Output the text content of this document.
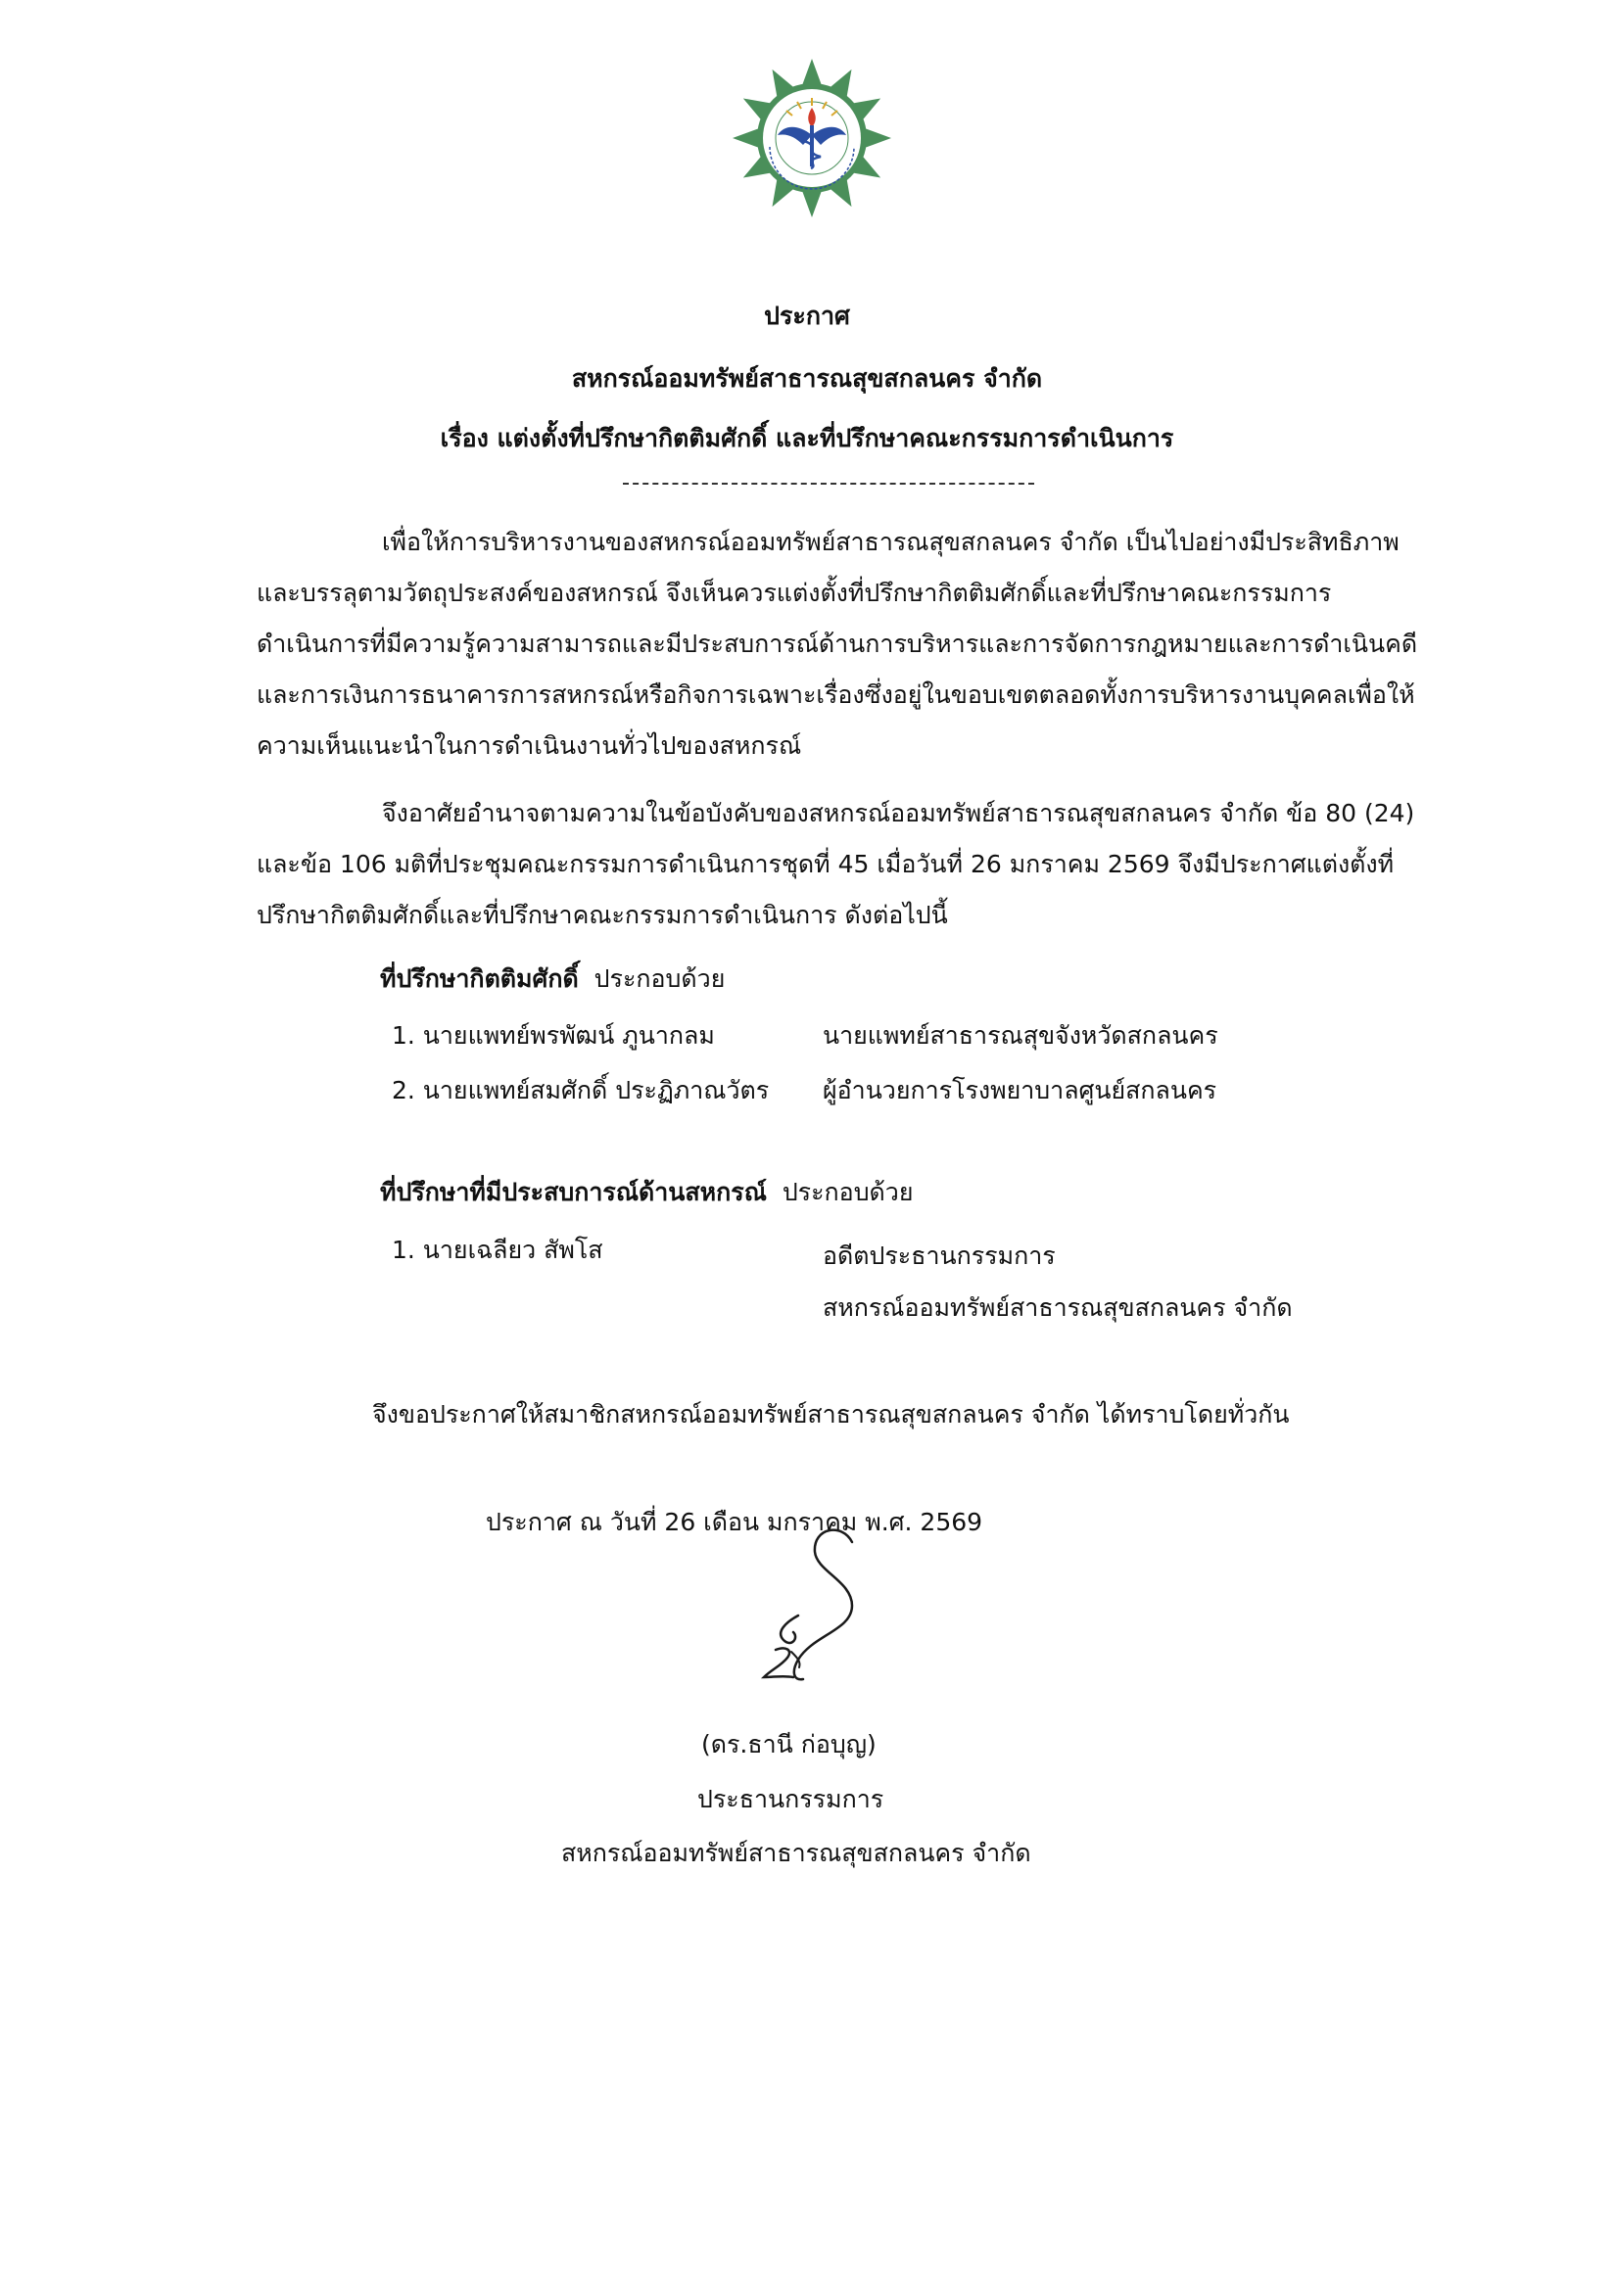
ประกาศ
สหกรณ์ออมทรัพย์สาธารณสุขสกลนคร จำกัด
เรื่อง แต่งตั้งที่ปรึกษากิตติมศักดิ์ และที่ปรึกษาคณะกรรมการดำเนินการ
เพื่อให้การบริหารงานของสหกรณ์ออมทรัพย์สาธารณสุขสกลนคร จำกัด เป็นไปอย่างมีประสิทธิภาพ
และบรรลุตามวัตถุประสงค์ของสหกรณ์ จึงเห็นควรแต่งตั้งที่ปรึกษากิตติมศักดิ์และที่ปรึกษาคณะกรรมการ
ดำเนินการที่มีความรู้ความสามารถและมีประสบการณ์ด้านการบริหารและการจัดการกฎหมายและการดำเนินคดี
และการเงินการธนาคารการสหกรณ์หรือกิจการเฉพาะเรื่องซึ่งอยู่ในขอบเขตตลอดทั้งการบริหารงานบุคคลเพื่อให้
ความเห็นแนะนำในการดำเนินงานทั่วไปของสหกรณ์
จึงอาศัยอำนาจตามความในข้อบังคับของสหกรณ์ออมทรัพย์สาธารณสุขสกลนคร จำกัด ข้อ 80 (24)
และข้อ 106 มติที่ประชุมคณะกรรมการดำเนินการชุดที่ 45 เมื่อวันที่ 26 มกราคม 2569 จึงมีประกาศแต่งตั้งที่
ปรึกษากิตติมศักดิ์และที่ปรึกษาคณะกรรมการดำเนินการ ดังต่อไปนี้
ที่ปรึกษากิตติมศักดิ์ ประกอบด้วย
1. นายแพทย์พรพัฒน์ ภูนากลม	นายแพทย์สาธารณสุขจังหวัดสกลนคร
2. นายแพทย์สมศักดิ์ ประฏิภาณวัตร ผู้อำนวยการโรงพยาบาลศูนย์สกลนคร
ที่ปรึกษาที่มีประสบการณ์ด้านสหกรณ์ ประกอบด้วย
1. นายเฉลียว สัพโส	อดีตประธานกรรมการ
สหกรณ์ออมทรัพย์สาธารณสุขสกลนคร จำกัด
จึงขอประกาศให้สมาชิกสหกรณ์ออมทรัพย์สาธารณสุขสกลนคร จำกัด ได้ทราบโดยทั่วกัน
ประกาศ ณ วันที่ 26 เดือน มกราคม พ.ศ. 2569
(ดร.ธานี ก่อบุญ)
ประธานกรรมการ
สหกรณ์ออมทรัพย์สาธารณสุขสกลนคร จำกัด
